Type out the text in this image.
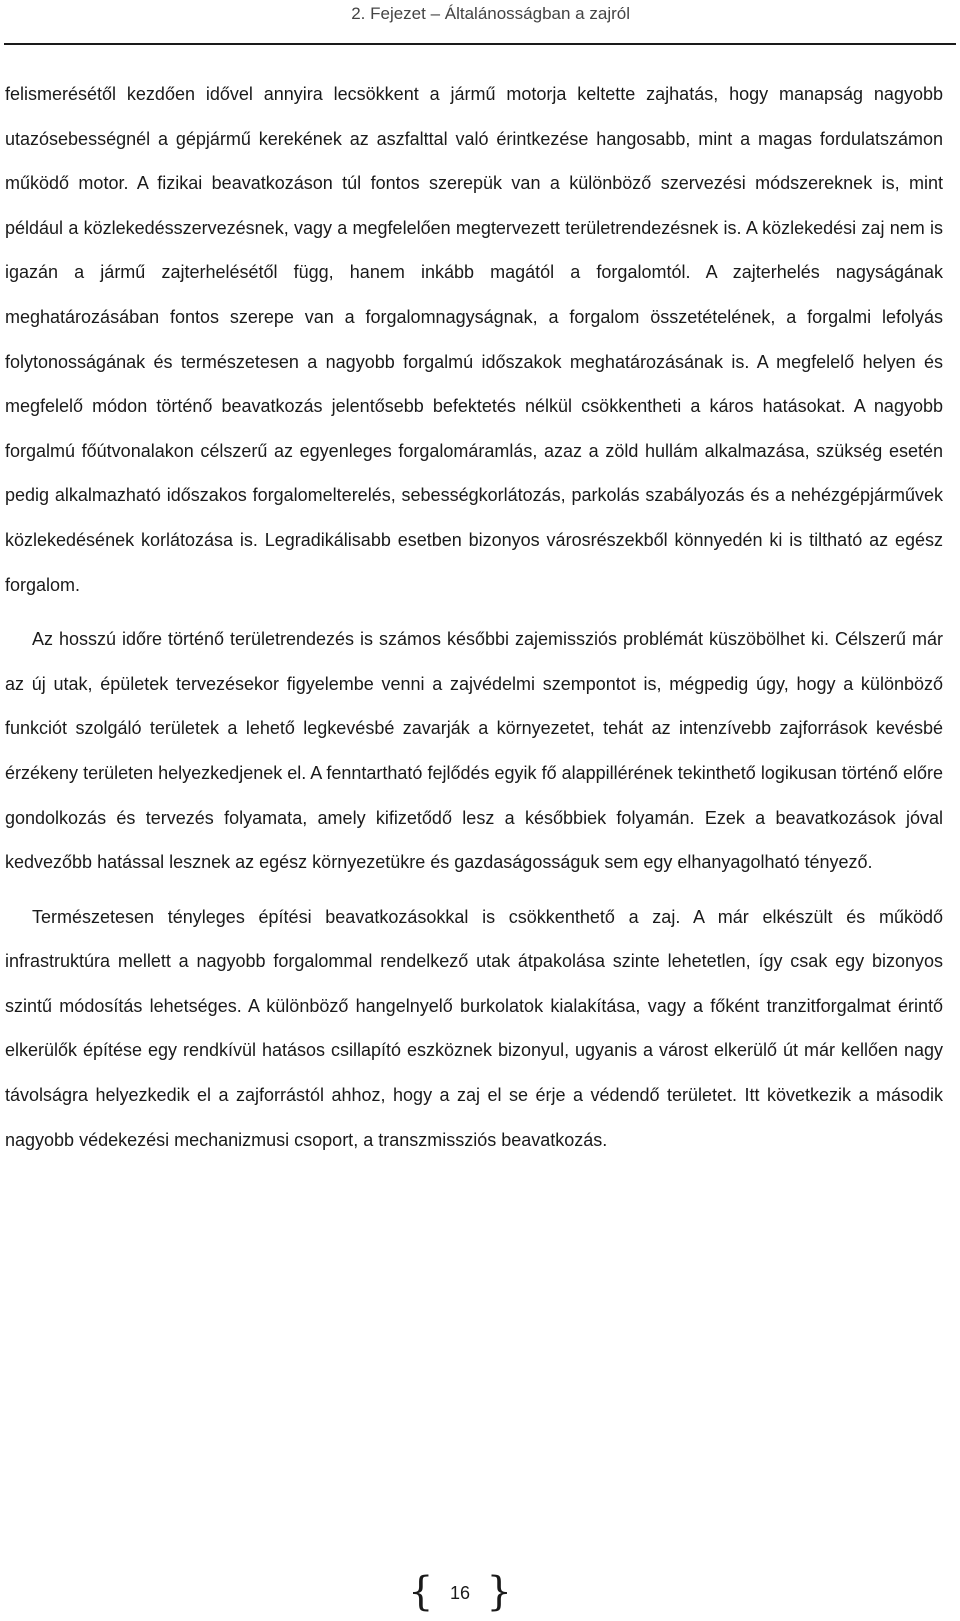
2. Fejezet – Általánosságban a zajról

felismerésétől kezdően idővel annyira lecsökkent a jármű motorja keltette zajhatás, hogy manapság nagyobb utazósebességnél a gépjármű kerekének az aszfalttal való érintkezése hangosabb, mint a magas fordulatszámon működő motor. A fizikai beavatkozáson túl fontos szerepük van a különböző szervezési módszereknek is, mint például a közlekedésszervezésnek, vagy a megfelelően megtervezett területrendezésnek is. A közlekedési zaj nem is igazán a jármű zajterhelésétől függ, hanem inkább magától a forgalomtól. A zajterhelés nagyságának meghatározásában fontos szerepe van a forgalomnagyságnak, a forgalom összetételének, a forgalmi lefolyás folytonosságának és természetesen a nagyobb forgalmú időszakok meghatározásának is. A megfelelő helyen és megfelelő módon történő beavatkozás jelentősebb befektetés nélkül csökkentheti a káros hatásokat. A nagyobb forgalmú főútvonalakon célszerű az egyenleges forgalomáramlás, azaz a zöld hullám alkalmazása, szükség esetén pedig alkalmazható időszakos forgalomelterelés, sebességkorlátozás, parkolás szabályozás és a nehézgépjárművek közlekedésének korlátozása is. Legradikálisabb esetben bizonyos városrészekből könnyedén ki is tiltható az egész forgalom.

Az hosszú időre történő területrendezés is számos későbbi zajemissziós problémát küszöbölhet ki. Célszerű már az új utak, épületek tervezésekor figyelembe venni a zajvédelmi szempontot is, mégpedig úgy, hogy a különböző funkciót szolgáló területek a lehető legkevésbé zavarják a környezetet, tehát az intenzívebb zajforrások kevésbé érzékeny területen helyezkedjenek el. A fenntartható fejlődés egyik fő alappillérének tekinthető logikusan történő előre gondolkozás és tervezés folyamata, amely kifizetődő lesz a későbbiek folyamán. Ezek a beavatkozások jóval kedvezőbb hatással lesznek az egész környezetükre és gazdaságosságuk sem egy elhanyagolható tényező.

Természetesen tényleges építési beavatkozásokkal is csökkenthető a zaj. A már elkészült és működő infrastruktúra mellett a nagyobb forgalommal rendelkező utak átpakolása szinte lehetetlen, így csak egy bizonyos szintű módosítás lehetséges. A különböző hangelnyelő burkolatok kialakítása, vagy a főként tranzitforgalmat érintő elkerülők építése egy rendkívül hatásos csillapító eszköznek bizonyul, ugyanis a várost elkerülő út már kellően nagy távolságra helyezkedik el a zajforrástól ahhoz, hogy a zaj el se érje a védendő területet. Itt következik a második nagyobb védekezési mechanizmusi csoport, a transzmissziós beavatkozás.

{ 16 }
